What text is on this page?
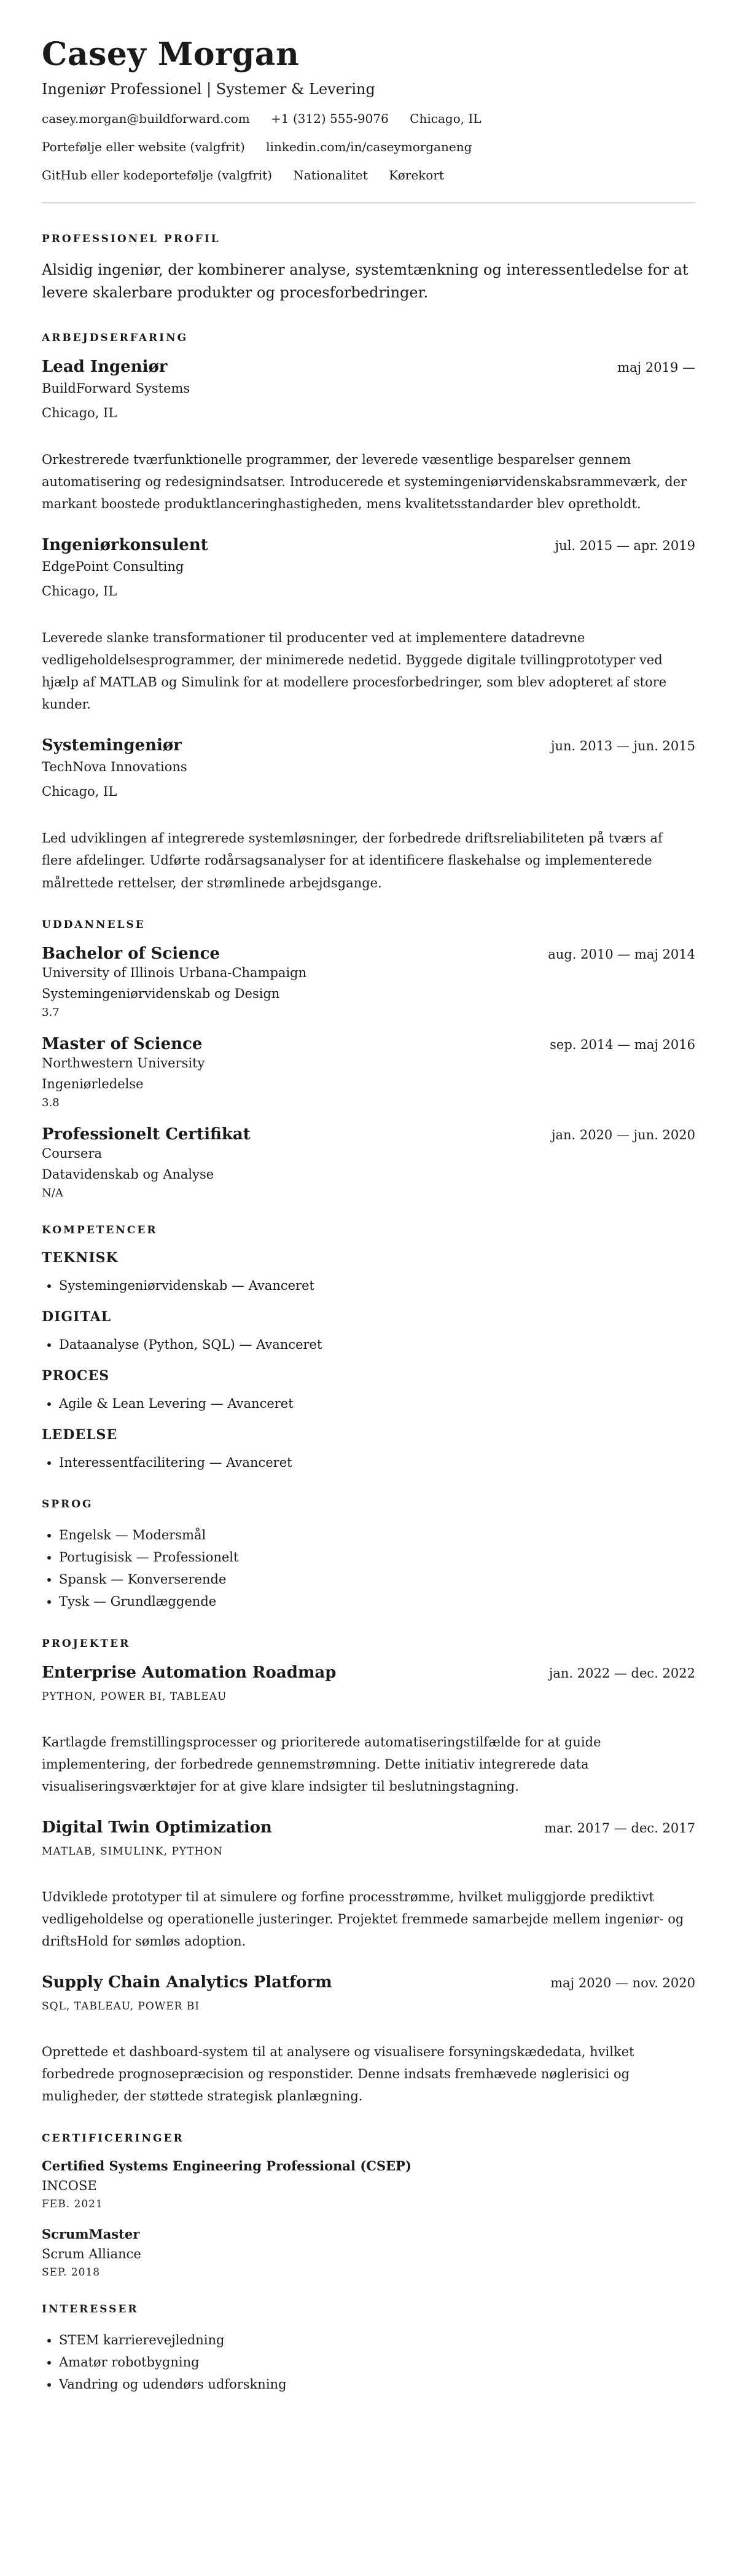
Casey Morgan
Ingeniør Professionel | Systemer & Levering
casey.morgan@buildforward.com +1 (312) 555-9076 Chicago, IL
Portefølje eller website (valgfrit) linkedin.com/in/caseymorganeng
GitHub eller kodeportefølje (valgfrit) Nationalitet Kørekort
PROFESSIONEL PROFIL
Alsidig ingeniør, der kombinerer analyse, systemtænkning og interessentledelse for at levere skalerbare produkter og procesforbedringer.
ARBEJDSERFARING
Lead Ingeniør	maj 2019 —
BuildForward Systems
Chicago, IL
Orkestrerede tværfunktionelle programmer, der leverede væsentlige besparelser gennem automatisering og redesignindsatser. Introducerede et systemingeniørvidenskabsrammeværk, der markant boostede produktlanceringhastigheden, mens kvalitetsstandarder blev opretholdt.
Ingeniørkonsulent	jul. 2015 — apr. 2019
EdgePoint Consulting
Chicago, IL
Leverede slanke transformationer til producenter ved at implementere datadrevne vedligeholdelsesprogrammer, der minimerede nedetid. Byggede digitale tvillingprototyper ved hjælp af MATLAB og Simulink for at modellere procesforbedringer, som blev adopteret af store kunder.
Systemingeniør	jun. 2013 — jun. 2015
TechNova Innovations
Chicago, IL
Led udviklingen af integrerede systemløsninger, der forbedrede driftsreliabiliteten på tværs af flere afdelinger. Udførte rodårsagsanalyser for at identificere flaskehalse og implementerede målrettede rettelser, der strømlinede arbejdsgange.
UDDANNELSE
Bachelor of Science	aug. 2010 — maj 2014
University of Illinois Urbana-Champaign
Systemingeniørvidenskab og Design
3.7
Master of Science	sep. 2014 — maj 2016
Northwestern University
Ingeniørledelse
3.8
Professionelt Certifikat	jan. 2020 — jun. 2020
Coursera
Datavidenskab og Analyse
N/A
KOMPETENCER
TEKNISK
• Systemingeniørvidenskab — Avanceret
DIGITAL
• Dataanalyse (Python, SQL) — Avanceret
PROCES
• Agile & Lean Levering — Avanceret
LEDELSE
• Interessentfacilitering — Avanceret
SPROG
• Engelsk — Modersmål
• Portugisisk — Professionelt
• Spansk — Konverserende
• Tysk — Grundlæggende
PROJEKTER
Enterprise Automation Roadmap	jan. 2022 — dec. 2022
PYTHON, POWER BI, TABLEAU
Kartlagde fremstillingsprocesser og prioriterede automatiseringstilfælde for at guide implementering, der forbedrede gennemstrømning. Dette initiativ integrerede data visualiseringsværktøjer for at give klare indsigter til beslutningstagning.
Digital Twin Optimization	mar. 2017 — dec. 2017
MATLAB, SIMULINK, PYTHON
Udviklede prototyper til at simulere og forfine processtrømme, hvilket muliggjorde prediktivt vedligeholdelse og operationelle justeringer. Projektet fremmede samarbejde mellem ingeniør- og driftsHold for sømløs adoption.
Supply Chain Analytics Platform	maj 2020 — nov. 2020
SQL, TABLEAU, POWER BI
Oprettede et dashboard-system til at analysere og visualisere forsyningskædedata, hvilket forbedrede prognosepræcision og responstider. Denne indsats fremhævede nøglerisici og muligheder, der støttede strategisk planlægning.
CERTIFICERINGER
Certified Systems Engineering Professional (CSEP)
INCOSE
FEB. 2021
ScrumMaster
Scrum Alliance
SEP. 2018
INTERESSER
• STEM karrierevejledning
• Amatør robotbygning
• Vandring og udendørs udforskning
